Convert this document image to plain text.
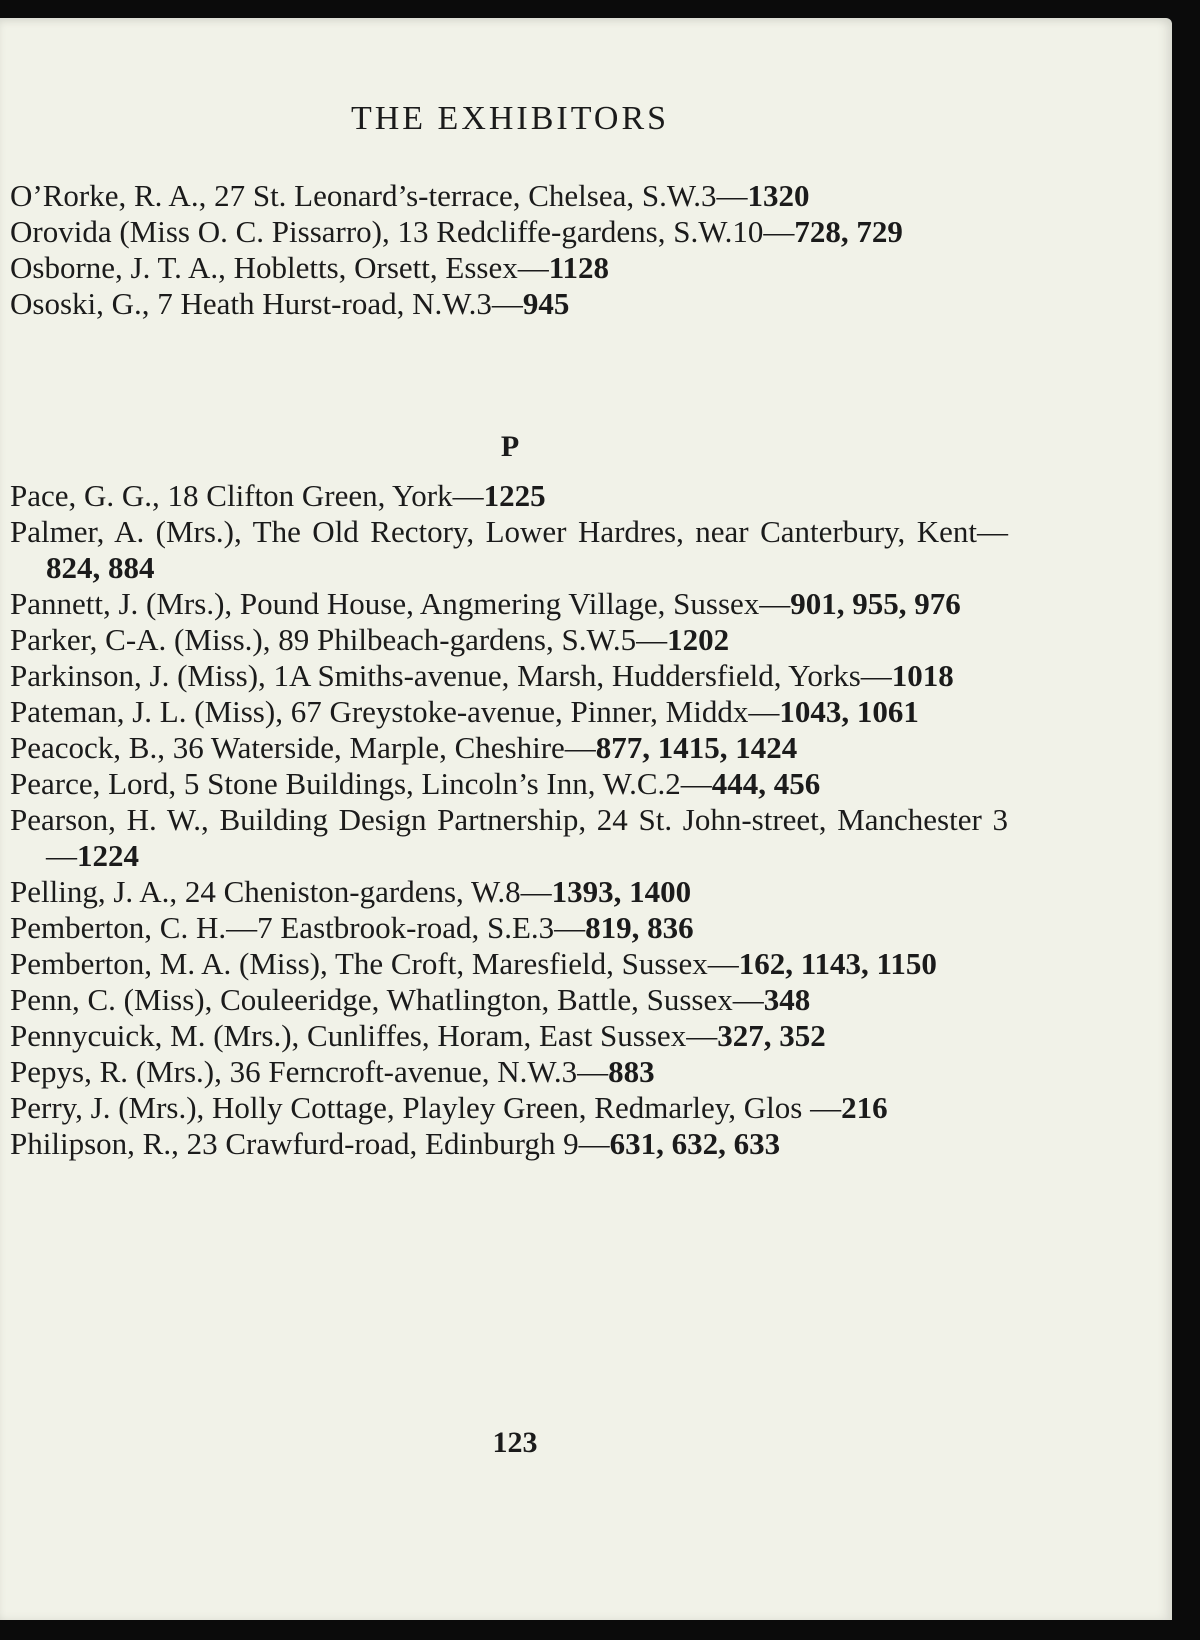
THE EXHIBITORS
O’Rorke, R. A., 27 St. Leonard’s-terrace, Chelsea, S.W.3—1320
Orovida (Miss O. C. Pissarro), 13 Redcliffe-gardens, S.W.10—728, 729
Osborne, J. T. A., Hobletts, Orsett, Essex—1128
Ososki, G., 7 Heath Hurst-road, N.W.3—945
P
Pace, G. G., 18 Clifton Green, York—1225
Palmer, A. (Mrs.), The Old Rectory, Lower Hardres, near Canterbury, Kent—824, 884
Pannett, J. (Mrs.), Pound House, Angmering Village, Sussex—901, 955, 976
Parker, C-A. (Miss.), 89 Philbeach-gardens, S.W.5—1202
Parkinson, J. (Miss), 1A Smiths-avenue, Marsh, Huddersfield, Yorks—1018
Pateman, J. L. (Miss), 67 Greystoke-avenue, Pinner, Middx—1043, 1061
Peacock, B., 36 Waterside, Marple, Cheshire—877, 1415, 1424
Pearce, Lord, 5 Stone Buildings, Lincoln’s Inn, W.C.2—444, 456
Pearson, H. W., Building Design Partnership, 24 St. John-street, Manchester 3—1224
Pelling, J. A., 24 Cheniston-gardens, W.8—1393, 1400
Pemberton, C. H.—7 Eastbrook-road, S.E.3—819, 836
Pemberton, M. A. (Miss), The Croft, Maresfield, Sussex—162, 1143, 1150
Penn, C. (Miss), Couleeridge, Whatlington, Battle, Sussex—348
Pennycuick, M. (Mrs.), Cunliffes, Horam, East Sussex—327, 352
Pepys, R. (Mrs.), 36 Ferncroft-avenue, N.W.3—883
Perry, J. (Mrs.), Holly Cottage, Playley Green, Redmarley, Glos —216
Philipson, R., 23 Crawfurd-road, Edinburgh 9—631, 632, 633
123
